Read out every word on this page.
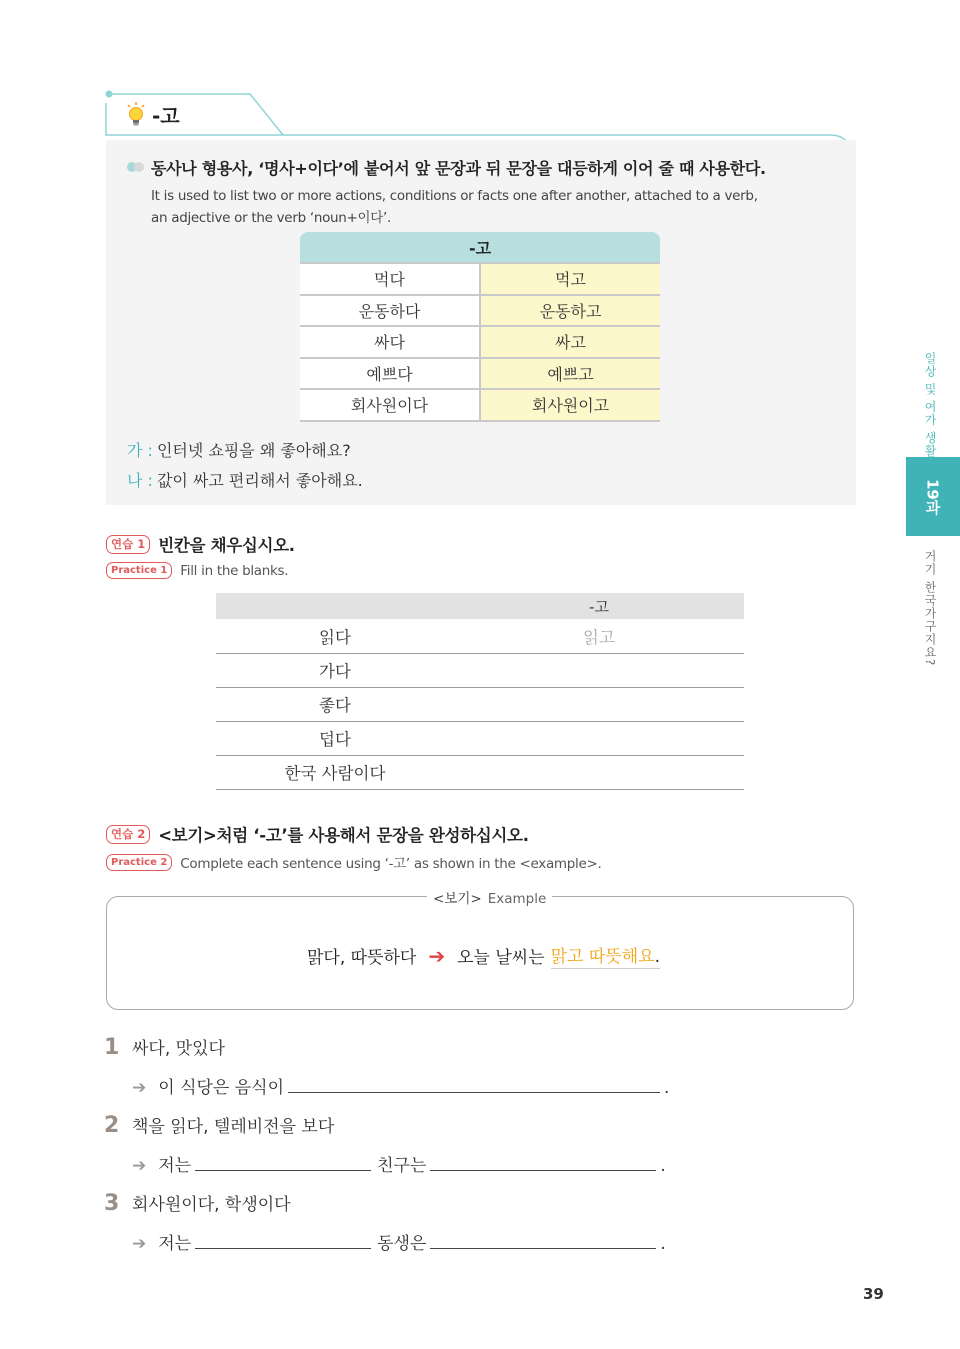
-고
동사나 형용사, ‘명사+이다’에 붙어서 앞 문장과 뒤 문장을 대등하게 이어 줄 때 사용한다.
It is used to list two or more actions, conditions or facts one after another, attached to a verb,
an adjective or the verb ‘noun+이다’.
-고	
먹다	먹고
운동하다	운동하고
싸다	싸고
예쁘다	예쁘고
회사원이다	회사원이고
가 : 인터넷 쇼핑을 왜 좋아해요?
나 : 값이 싸고 편리해서 좋아해요.
연습 1 빈칸을 채우십시오.
Practice 1 Fill in the blanks.
	-고
읽다	읽고
가다	
좋다	
덥다	
한국 사람이다	
연습 2 <보기>처럼 ‘-고’를 사용해서 문장을 완성하십시오.
Practice 2 Complete each sentence using ‘-고’ as shown in the <example>.
<보기> Example
맑다, 따뜻하다 ➔ 오늘 날씨는 맑고 따뜻해요.
1 싸다, 맛있다
➔ 이 식당은 음식이	.
2 책을 읽다, 텔레비전을 보다
➔ 저는	친구는	.
3 회사원이다, 학생이다
➔ 저는	동생은	.
일상 및 여가 생활
19과
거기 한국가구지요?
39
